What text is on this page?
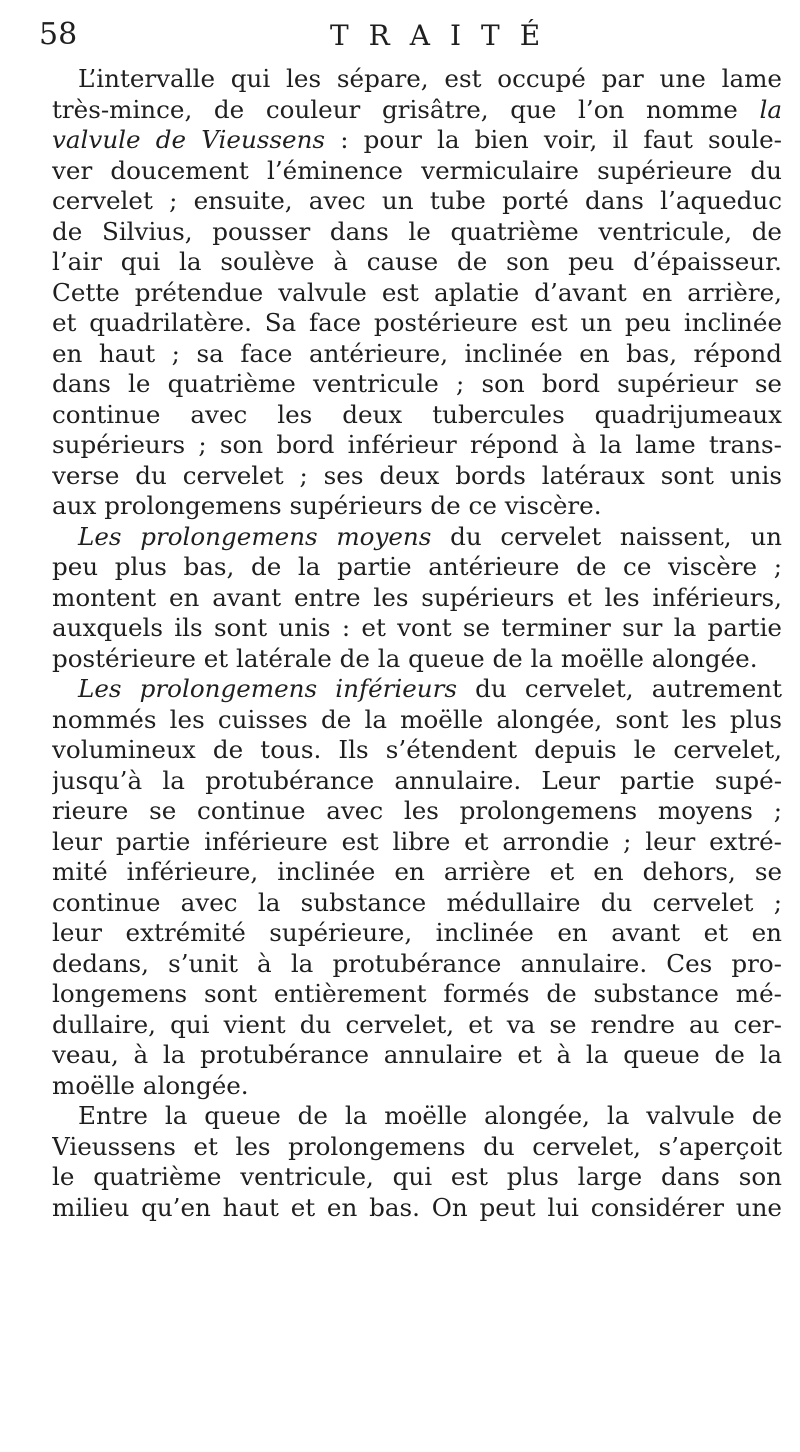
58	TRAITÉ
L’intervalle qui les sépare, est occupé par une lame
très-mince, de couleur grisâtre, que l’on nomme la
valvule de Vieussens : pour la bien voir, il faut soule-
ver doucement l’éminence vermiculaire supérieure du
cervelet ; ensuite, avec un tube porté dans l’aqueduc
de Silvius, pousser dans le quatrième ventricule, de
l’air qui la soulève à cause de son peu d’épaisseur.
Cette prétendue valvule est aplatie d’avant en arrière,
et quadrilatère. Sa face postérieure est un peu inclinée
en haut ; sa face antérieure, inclinée en bas, répond
dans le quatrième ventricule ; son bord supérieur se
continue avec les deux tubercules quadrijumeaux
supérieurs ; son bord inférieur répond à la lame trans-
verse du cervelet ; ses deux bords latéraux sont unis
aux prolongemens supérieurs de ce viscère.
Les prolongemens moyens du cervelet naissent, un
peu plus bas, de la partie antérieure de ce viscère ;
montent en avant entre les supérieurs et les inférieurs,
auxquels ils sont unis : et vont se terminer sur la partie
postérieure et latérale de la queue de la moëlle alongée.
Les prolongemens inférieurs du cervelet, autrement
nommés les cuisses de la moëlle alongée, sont les plus
volumineux de tous. Ils s’étendent depuis le cervelet,
jusqu’à la protubérance annulaire. Leur partie supé-
rieure se continue avec les prolongemens moyens ;
leur partie inférieure est libre et arrondie ; leur extré-
mité inférieure, inclinée en arrière et en dehors, se
continue avec la substance médullaire du cervelet ;
leur extrémité supérieure, inclinée en avant et en
dedans, s’unit à la protubérance annulaire. Ces pro-
longemens sont entièrement formés de substance mé-
dullaire, qui vient du cervelet, et va se rendre au cer-
veau, à la protubérance annulaire et à la queue de la
moëlle alongée.
Entre la queue de la moëlle alongée, la valvule de
Vieussens et les prolongemens du cervelet, s’aperçoit
le quatrième ventricule, qui est plus large dans son
milieu qu’en haut et en bas. On peut lui considérer une
